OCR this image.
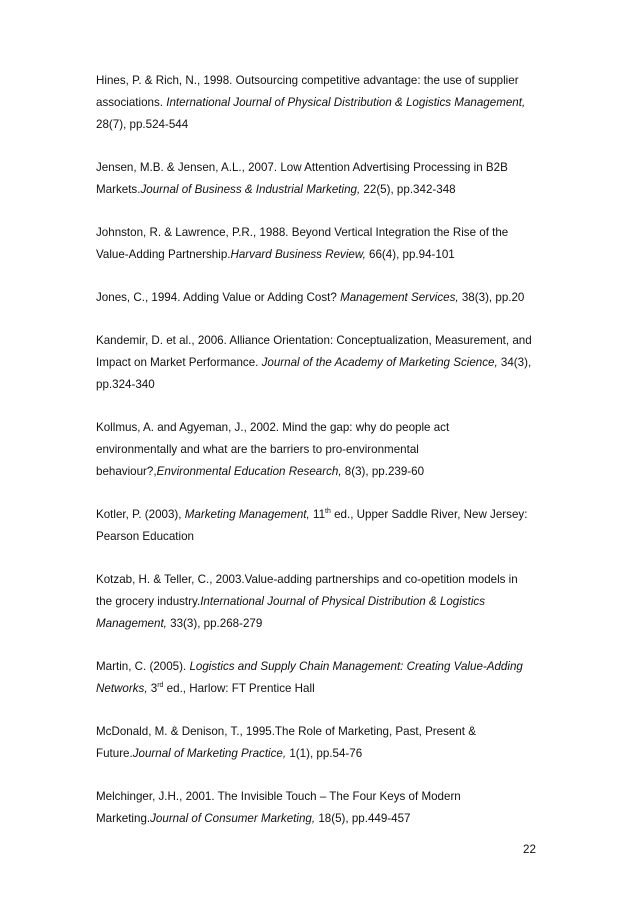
Hines, P. & Rich, N., 1998. Outsourcing competitive advantage: the use of supplier
associations. International Journal of Physical Distribution & Logistics Management,
28(7), pp.524-544
Jensen, M.B. & Jensen, A.L., 2007. Low Attention Advertising Processing in B2B
Markets.Journal of Business & Industrial Marketing, 22(5), pp.342-348
Johnston, R. & Lawrence, P.R., 1988. Beyond Vertical Integration the Rise of the
Value-Adding Partnership.Harvard Business Review, 66(4), pp.94-101
Jones, C., 1994. Adding Value or Adding Cost? Management Services, 38(3), pp.20
Kandemir, D. et al., 2006. Alliance Orientation: Conceptualization, Measurement, and
Impact on Market Performance. Journal of the Academy of Marketing Science, 34(3),
pp.324-340
Kollmus, A. and Agyeman, J., 2002. Mind the gap: why do people act
environmentally and what are the barriers to pro-environmental
behaviour?,Environmental Education Research, 8(3), pp.239-60
Kotler, P. (2003), Marketing Management, 11th ed., Upper Saddle River, New Jersey:
Pearson Education
Kotzab, H. & Teller, C., 2003.Value-adding partnerships and co-opetition models in
the grocery industry.International Journal of Physical Distribution & Logistics
Management, 33(3), pp.268-279
Martin, C. (2005). Logistics and Supply Chain Management: Creating Value-Adding
Networks, 3rd ed., Harlow: FT Prentice Hall
McDonald, M. & Denison, T., 1995.The Role of Marketing, Past, Present &
Future.Journal of Marketing Practice, 1(1), pp.54-76
Melchinger, J.H., 2001. The Invisible Touch – The Four Keys of Modern
Marketing.Journal of Consumer Marketing, 18(5), pp.449-457
22
